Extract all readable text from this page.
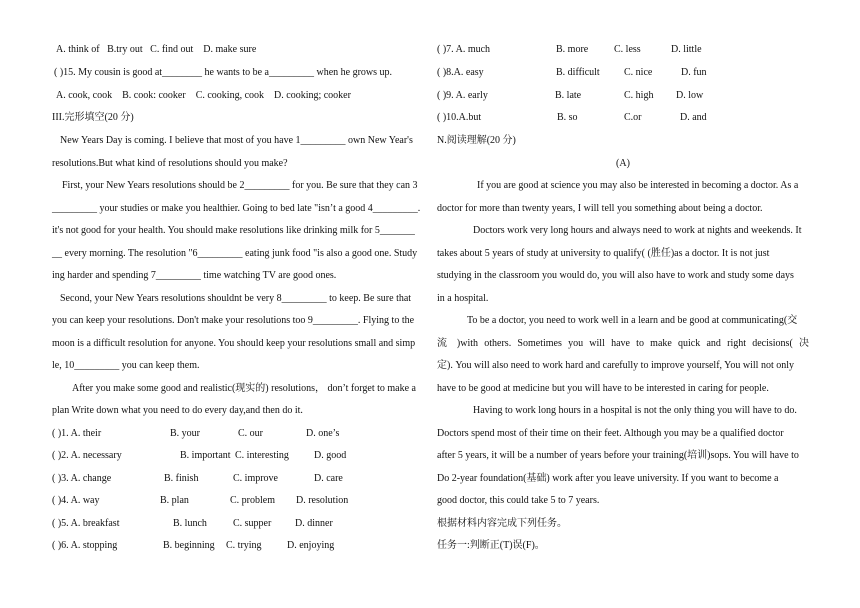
A. think of B.try out C. find out D. make sure
( )15. My cousin is good at________ he wants to be a_________ when he grows up.
A. cook, cook B. cook: cooker C. cooking, cook D. cooking; cooker
III.完形填空(20 分)
New Years Day is coming. I believe that most of you have 1_________ own New Year's
resolutions.But what kind of resolutions should you make?
First, your New Years resolutions should be 2_________ for you. Be sure that they can 3
_________ your studies or make you healthier. Going to bed late "isn’t a good 4_________.
it's not good for your health. You should make resolutions like drinking milk for 5_______
__ every morning. The resolution "6_________ eating junk food "is also a good one. Study
ing harder and spending 7_________ time watching TV are good ones.
Second, your New Years resolutions shouldnt be very 8_________ to keep. Be sure that
you can keep your resolutions. Don't make your resolutions too 9_________. Flying to the
moon is a difficult resolution for anyone. You should keep your resolutions small and simp
le, 10_________ you can keep them.
After you make some good and realistic(现实的) resolutions， don’t forget to make a
plan Write down what you need to do every day,and then do it.
( )1. A. their	B. your	C. our	D. one’s
( )2. A. necessary	B. important C. interesting	D. good
( )3. A. change	B. finish	C. improve	D. care
( )4. A. way	B. plan	C. problem D. resolution
( )5. A. breakfast	B. lunch	C. supper D. dinner
( )6. A. stopping	B. beginning C. trying	D. enjoying
( )7. A. much	B. more	C. less	D. little
( )8.A. easy	B. difficult C. nice	D. fun
( )9. A. early	B. late	C. high D. low
( )10.A.but	B. so	C.or	D. and
N.阅读理解(20 分)
(A)
If you are good at science you may also be interested in becoming a doctor. As a
doctor for more than twenty years, I will tell you something about being a doctor.
Doctors work very long hours and always need to work at nights and weekends. It
takes about 5 years of study at university to qualify( (胜任)as a doctor. It is not just
studying in the classroom you would do, you will also have to work and study some days
in a hospital.
To be a doctor, you need to work well in a learn and be good at communicating(交
流 )with others. Sometimes you will have to make quick and right decisions( 决
定). You will also need to work hard and carefully to improve yourself, You will not only
have to be good at medicine but you will have to be interested in caring for people.
Having to work long hours in a hospital is not the only thing you will have to do.
Doctors spend most of their time on their feet. Although you may be a qualified doctor
after 5 years, it will be a number of years before your training(培训)sops. You will have to
Do 2-year foundation(基础) work after you leave university. If you want to become a
good doctor, this could take 5 to 7 years.
根据材料内容完成下列任务。
任务一:判断正(T)误(F)。
